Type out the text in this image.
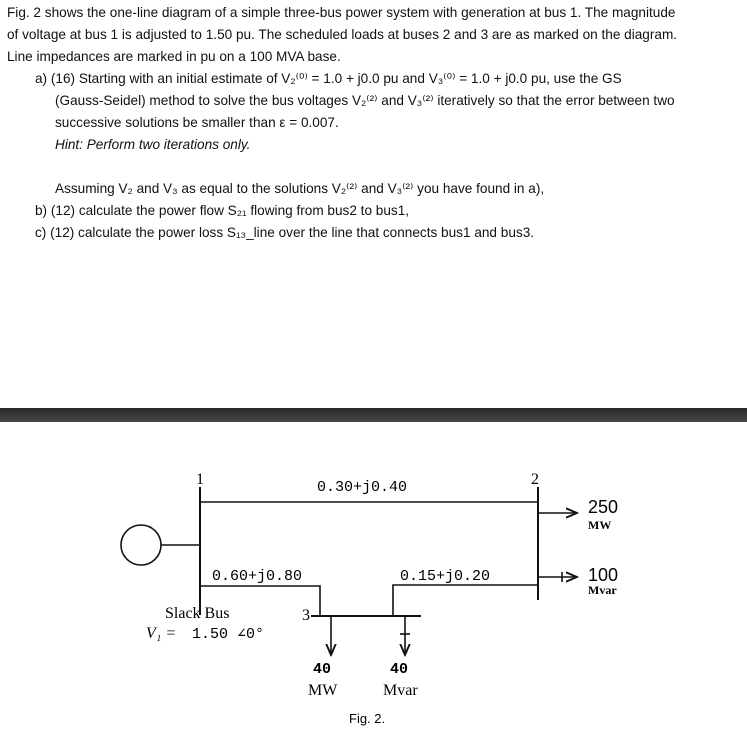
Fig. 2 shows the one-line diagram of a simple three-bus power system with generation at bus 1. The magnitude
of voltage at bus 1 is adjusted to 1.50 pu. The scheduled loads at buses 2 and 3 are as marked on the diagram.
Line impedances are marked in pu on a 100 MVA base.
a) (16) Starting with an initial estimate of V₂⁽⁰⁾ = 1.0 + j0.0 pu and V₃⁽⁰⁾ = 1.0 + j0.0 pu, use the GS
(Gauss-Seidel) method to solve the bus voltages V₂⁽²⁾ and V₃⁽²⁾ iteratively so that the error between two
successive solutions be smaller than ε = 0.007.
Hint: Perform two iterations only.
Assuming V₂ and V₃ as equal to the solutions V₂⁽²⁾ and V₃⁽²⁾ you have found in a),
b) (12) calculate the power flow S₂₁ flowing from bus2 to bus1,
c) (12) calculate the power loss S₁₃_line over the line that connects bus1 and bus3.
1	2
3
0.30+j0.40
0.60+j0.80	0.15+j0.20
250
MW
100
Mvar
40
MW
40
Mvar
Slack Bus
V₁ = 1.50 ∠0°
Fig. 2.
